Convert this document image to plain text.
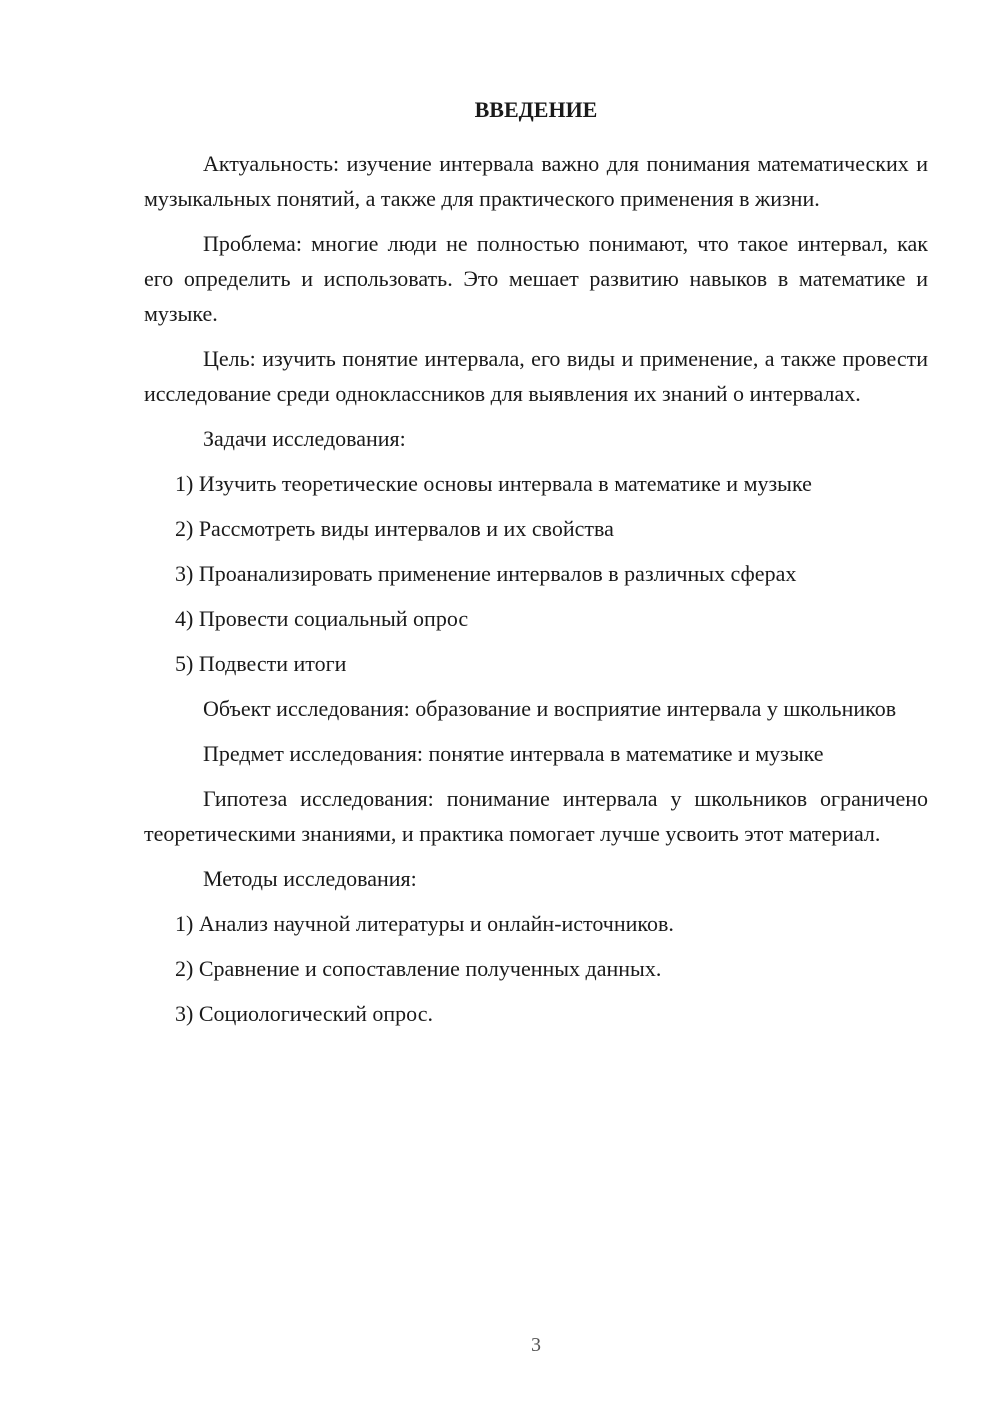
ВВЕДЕНИЕ

Актуальность: изучение интервала важно для понимания математических и музыкальных понятий, а также для практического применения в жизни.

Проблема: многие люди не полностью понимают, что такое интервал, как его определить и использовать. Это мешает развитию навыков в математике и музыке.

Цель: изучить понятие интервала, его виды и применение, а также провести исследование среди одноклассников для выявления их знаний о интервалах.

Задачи исследования:

1) Изучить теоретические основы интервала в математике и музыке
2) Рассмотреть виды интервалов и их свойства
3) Проанализировать применение интервалов в различных сферах
4) Провести социальный опрос
5) Подвести итоги

Объект исследования: образование и восприятие интервала у школьников

Предмет исследования: понятие интервала в математике и музыке

Гипотеза исследования: понимание интервала у школьников ограничено теоретическими знаниями, и практика помогает лучше усвоить этот материал.

Методы исследования:

1) Анализ научной литературы и онлайн-источников.
2) Сравнение и сопоставление полученных данных.
3) Социологический опрос.
3
